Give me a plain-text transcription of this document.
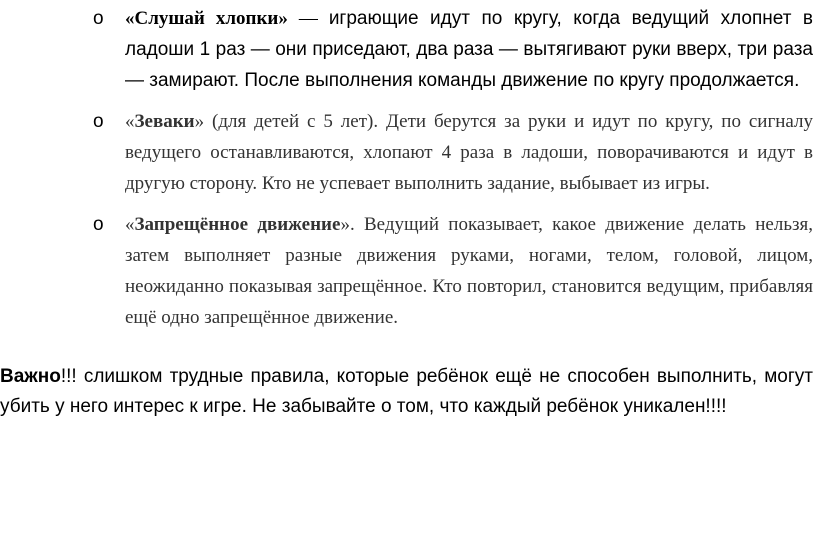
o «Слушай хлопки» — играющие идут по кругу, когда ведущий хлопнет в ладоши 1 раз — они приседают, два раза — вытягивают руки вверх, три раза — замирают. После выполнения команды движение по кругу продолжается.

o «Зеваки» (для детей с 5 лет). Дети берутся за руки и идут по кругу, по сигналу ведущего останавливаются, хлопают 4 раза в ладоши, поворачиваются и идут в другую сторону. Кто не успевает выполнить задание, выбывает из игры.

o «Запрещённое движение». Ведущий показывает, какое движение делать нельзя, затем выполняет разные движения руками, ногами, телом, головой, лицом, неожиданно показывая запрещённое. Кто повторил, становится ведущим, прибавляя ещё одно запрещённое движение.

Важно!!! слишком трудные правила, которые ребёнок ещё не способен выполнить, могут убить у него интерес к игре. Не забывайте о том, что каждый ребёнок уникален!!!!
